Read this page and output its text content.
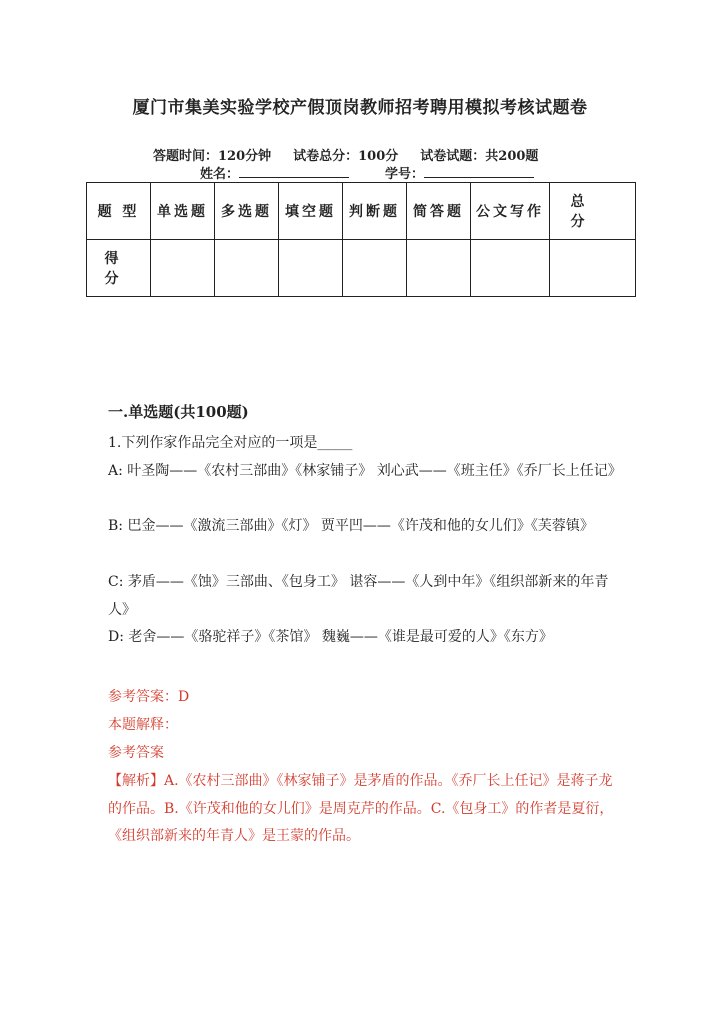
厦门市集美实验学校产假顶岗教师招考聘用模拟考核试题卷
答题时间：120分钟 试卷总分：100分 试卷试题：共200题
姓名：	学号：
题 型	单选题	多选题	填空题	判断题	简答题	公文写作	总 分
得 分							
一.单选题(共100题)
1.下列作家作品完全对应的一项是_____
A: 叶圣陶——《农村三部曲》《林家铺子》 刘心武——《班主任》《乔厂长上任记》
B: 巴金——《激流三部曲》《灯》 贾平凹——《许茂和他的女儿们》《芙蓉镇》
C: 茅盾——《蚀》三部曲、《包身工》 谌容——《人到中年》《组织部新来的年青人》
D: 老舍——《骆驼祥子》《茶馆》 魏巍——《谁是最可爱的人》《东方》
参考答案：D
本题解释：
参考答案
【解析】A.《农村三部曲》《林家铺子》是茅盾的作品。《乔厂长上任记》是蒋子龙的作品。B.《许茂和他的女儿们》是周克芹的作品。C.《包身工》的作者是夏衍，《组织部新来的年青人》是王蒙的作品。
